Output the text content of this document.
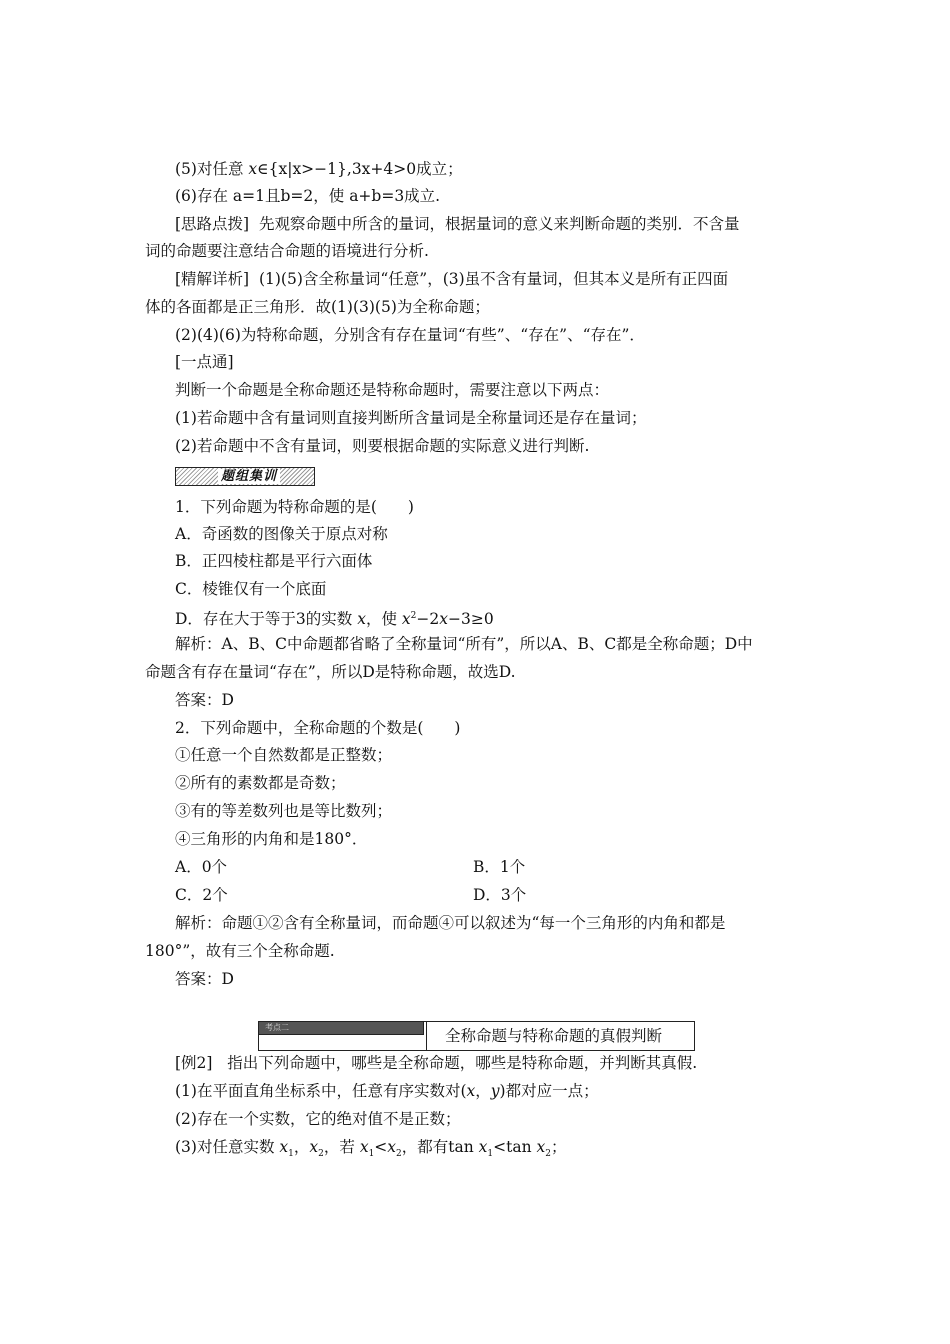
(5)对任意 x∈{x|x>−1},3x+4>0成立；
(6)存在 a=1且b=2，使 a+b=3成立.
[思路点拨] 先观察命题中所含的量词，根据量词的意义来判断命题的类别．不含量
词的命题要注意结合命题的语境进行分析.
[精解详析] (1)(5)含全称量词“任意”，(3)虽不含有量词，但其本义是所有正四面
体的各面都是正三角形．故(1)(3)(5)为全称命题；
(2)(4)(6)为特称命题，分别含有存在量词“有些”、“存在”、“存在”．
[一点通]
判断一个命题是全称命题还是特称命题时，需要注意以下两点：
(1)若命题中含有量词则直接判断所含量词是全称量词还是存在量词；
(2)若命题中不含有量词，则要根据命题的实际意义进行判断.
题组集训
1．下列命题为特称命题的是(　　)
A．奇函数的图像关于原点对称
B．正四棱柱都是平行六面体
C．棱锥仅有一个底面
D．存在大于等于3的实数 x，使 $x^2-2x-3\ge 0$
解析：A、B、C中命题都省略了全称量词“所有”，所以A、B、C都是全称命题；D中
命题含有存在量词“存在”，所以D是特称命题，故选D.
答案：D
2．下列命题中，全称命题的个数是(　　)
①任意一个自然数都是正整数；
②所有的素数都是奇数；
③有的等差数列也是等比数列；
④三角形的内角和是180°．
A．0个	B．1个
C．2个	D．3个
解析：命题①②含有全称量词，而命题④可以叙述为“每一个三角形的内角和都是
180°”，故有三个全称命题.
答案：D
考点二	全称命题与特称命题的真假判断
[例2] 指出下列命题中，哪些是全称命题，哪些是特称命题，并判断其真假.
(1)在平面直角坐标系中，任意有序实数对(x，y)都对应一点；
(2)存在一个实数，它的绝对值不是正数；
(3)对任意实数 $x_1$，$x_2$，若 $x_1<x_2$，都有$\tan x_1<\tan$ $x_2$；
